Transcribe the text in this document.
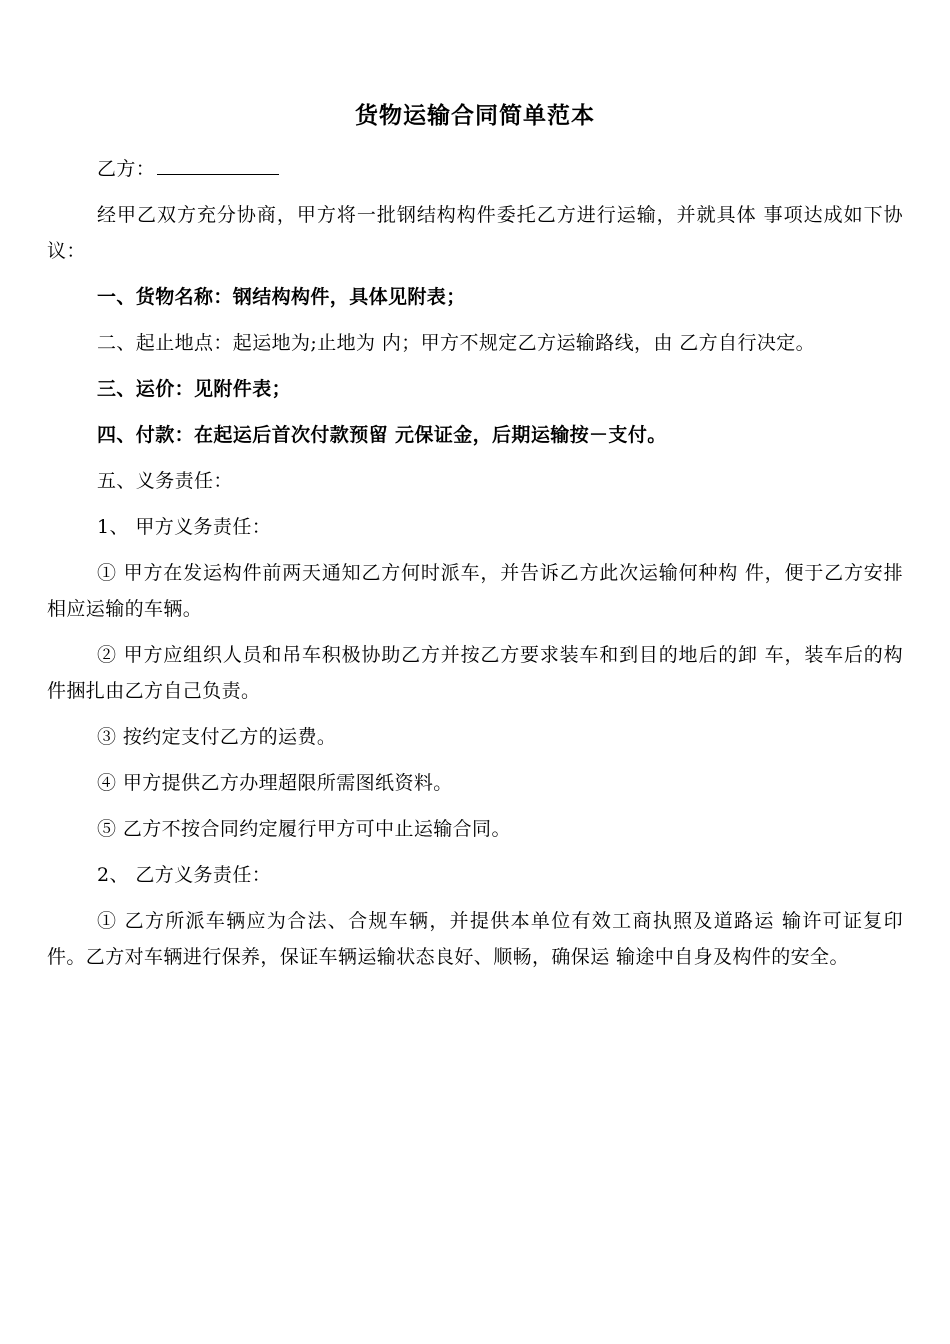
货物运输合同简单范本

乙方：

经甲乙双方充分协商，甲方将一批钢结构构件委托乙方进行运输，并就具体 事项达成如下协议：

一、货物名称：钢结构构件，具体见附表；

二、起止地点：起运地为;止地为 内；甲方不规定乙方运输路线，由 乙方自行决定。

三、运价：见附件表；

四、付款：在起运后首次付款预留 元保证金，后期运输按－支付。

五、义务责任：

1、 甲方义务责任：

① 甲方在发运构件前两天通知乙方何时派车，并告诉乙方此次运输何种构 件，便于乙方安排相应运输的车辆。

② 甲方应组织人员和吊车积极协助乙方并按乙方要求装车和到目的地后的卸 车，装车后的构件捆扎由乙方自己负责。

③ 按约定支付乙方的运费。

④ 甲方提供乙方办理超限所需图纸资料。

⑤ 乙方不按合同约定履行甲方可中止运输合同。

2、 乙方义务责任：

① 乙方所派车辆应为合法、合规车辆，并提供本单位有效工商执照及道路运 输许可证复印件。乙方对车辆进行保养，保证车辆运输状态良好、顺畅，确保运 输途中自身及构件的安全。
